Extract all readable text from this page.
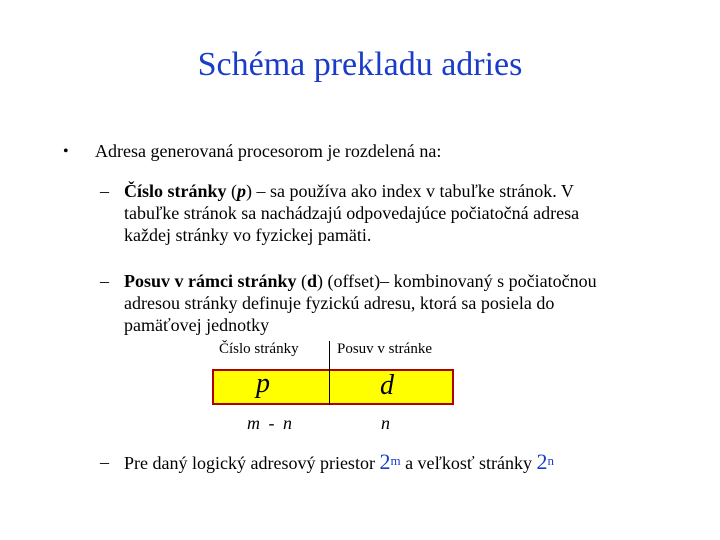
Schéma prekladu adries
• Adresa generovaná procesorom je rozdelená na:
– Číslo stránky (p) – sa používa ako index v tabuľke stránok. V tabuľke stránok sa nachádzajú odpovedajúce počiatočná adresa každej stránky vo fyzickej pamäti.
– Posuv v rámci stránky (d) (offset)– kombinovaný s počiatočnou adresou stránky definuje fyzickú adresu, ktorá sa posiela do pamäťovej jednotky
Číslo stránky	Posuv v stránke
p	d
m - n	n
– Pre daný logický adresový priestor 2$^m$ a veľkosť stránky 2$^n$
